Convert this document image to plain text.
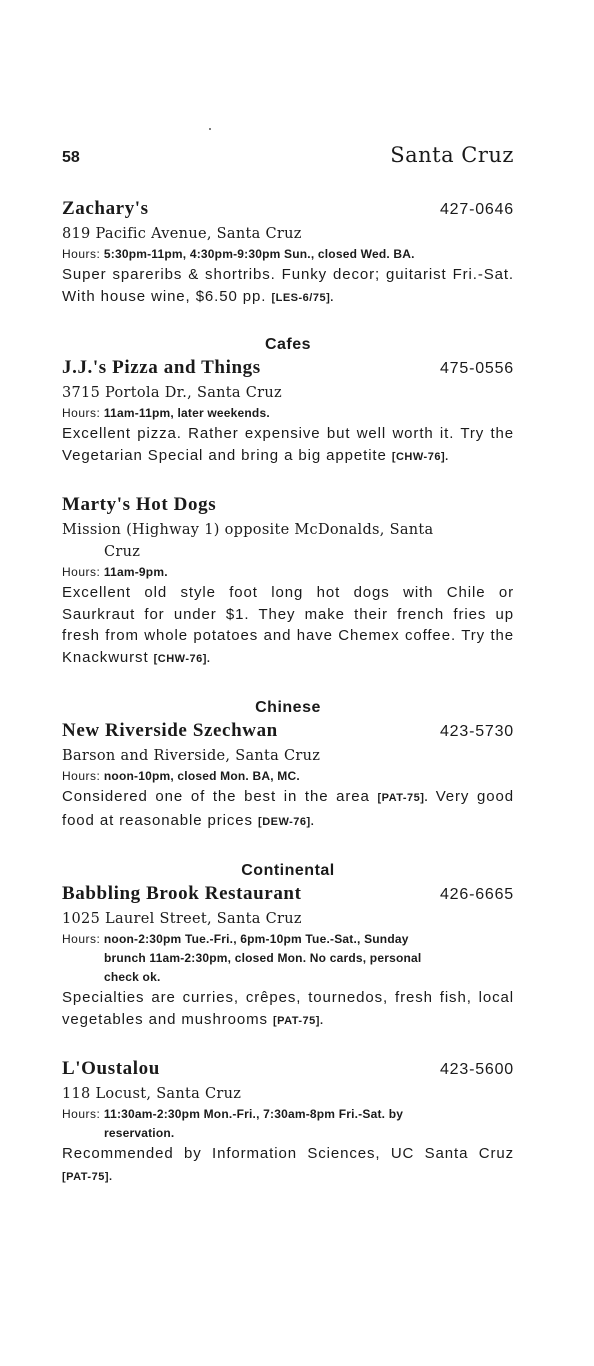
58	Santa Cruz
Zachary's	427-0646
819 Pacific Avenue, Santa Cruz
Hours: 5:30pm-11pm, 4:30pm-9:30pm Sun., closed Wed. BA.
Super spareribs & shortribs. Funky decor; guitarist Fri.-Sat. With house wine, $6.50 pp. [LES-6/75].
Cafes
J.J.'s Pizza and Things	475-0556
3715 Portola Dr., Santa Cruz
Hours: 11am-11pm, later weekends.
Excellent pizza. Rather expensive but well worth it. Try the Vegetarian Special and bring a big appetite [CHW-76].
Marty's Hot Dogs
Mission (Highway 1) opposite McDonalds, Santa
Cruz
Hours: 11am-9pm.
Excellent old style foot long hot dogs with Chile or Saurkraut for under $1. They make their french fries up fresh from whole potatoes and have Chemex coffee. Try the Knackwurst [CHW-76].
Chinese
New Riverside Szechwan	423-5730
Barson and Riverside, Santa Cruz
Hours: noon-10pm, closed Mon. BA, MC.
Considered one of the best in the area [PAT-75]. Very good food at reasonable prices [DEW-76].
Continental
Babbling Brook Restaurant	426-6665
1025 Laurel Street, Santa Cruz
Hours: noon-2:30pm Tue.-Fri., 6pm-10pm Tue.-Sat., Sunday
brunch 11am-2:30pm, closed Mon. No cards, personal
check ok.
Specialties are curries, crêpes, tournedos, fresh fish, local vegetables and mushrooms [PAT-75].
L'Oustalou	423-5600
118 Locust, Santa Cruz
Hours: 11:30am-2:30pm Mon.-Fri., 7:30am-8pm Fri.-Sat. by
reservation.
Recommended by Information Sciences, UC Santa Cruz [PAT-75].
